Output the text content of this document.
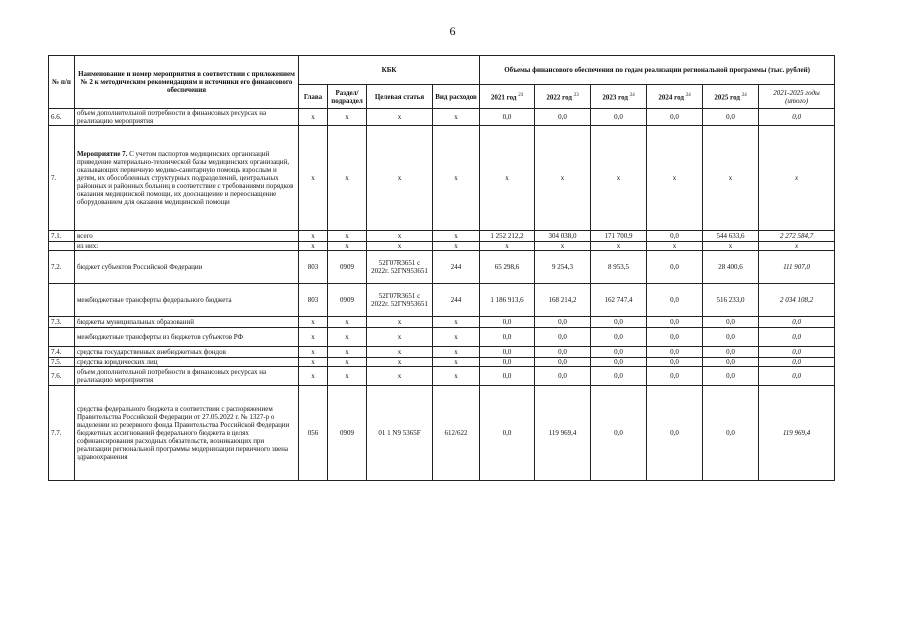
6
№ п/п	Наименование и номер мероприятия в соответствии с приложением № 2 к методическим рекомендациям и источники его финансового обеспечения	КБК				Объемы финансового обеспечения по годам реализации региональной программы (тыс. рублей)					
		Глава	Раздел/ подраздел	Целевая статья	Вид расходов	2021 год $^{23}$	2022 год $^{23}$	2023 год $^{24}$	2024 год $^{24}$	2025 год $^{24}$	2021-2025 годы (итого)
6.6.	объем дополнительной потребности в финансовых ресурсах на реализацию мероприятия	х	х	х	х	0,0	0,0	0,0	0,0	0,0	0,0
7.	Мероприятие 7. С учетом паспортов медицинских организаций приведение материально-технической базы медицинских организаций, оказывающих первичную медико-санитарную помощь взрослым и детям, их обособленных структурных подразделений, центральных районных и районных больниц в соответствие с требованиями порядков оказания медицинской помощи, их дооснащение и переоснащение оборудованием для оказания медицинской помощи	х	х	х	х	х	х	х	х	х	х
7.1.	всего	х	х	х	х	1 252 212,2	304 038,0	171 700,9	0,0	544 633,6	2 272 584,7
	из них:	х	х	х	х	х	х	х	х	х	х
7.2.	бюджет субъектов Российской Федерации	803	0909	52Г07R3651 с 2022г. 52ГN953651	244	65 298,6	9 254,3	8 953,5	0,0	28 400,6	111 907,0
	межбюджетные трансферты федерального бюджета	803	0909	52Г07R3651 с 2022г. 52ГN953651	244	1 186 913,6	168 214,2	162 747,4	0,0	516 233,0	2 034 108,2
7.3.	бюджеты муниципальных образований	х	х	х	х	0,0	0,0	0,0	0,0	0,0	0,0
	межбюджетные трансферты из бюджетов субъектов РФ	х	х	х	х	0,0	0,0	0,0	0,0	0,0	0,0
7.4.	средства государственных внебюджетных фондов	х	х	х	х	0,0	0,0	0,0	0,0	0,0	0,0
7.5.	средства юридических лиц	х	х	х	х	0,0	0,0	0,0	0,0	0,0	0,0
7.6.	объем дополнительной потребности в финансовых ресурсах на реализацию мероприятия	х	х	х	х	0,0	0,0	0,0	0,0	0,0	0,0
7.7.	средства федерального бюджета в соответствии с распоряжением Правительства Российской Федерации от 27.05.2022 г. № 1327-р о выделении из резервного фонда Правительства Российской Федерации бюджетных ассигнований федерального бюджета в целях софинансирования расходных обязательств, возникающих при реализации региональной программы модернизации первичного звена здравоохранения	056	0909	01 1 N9 5365F	612/622	0,0	119 969,4	0,0	0,0	0,0	119 969,4
